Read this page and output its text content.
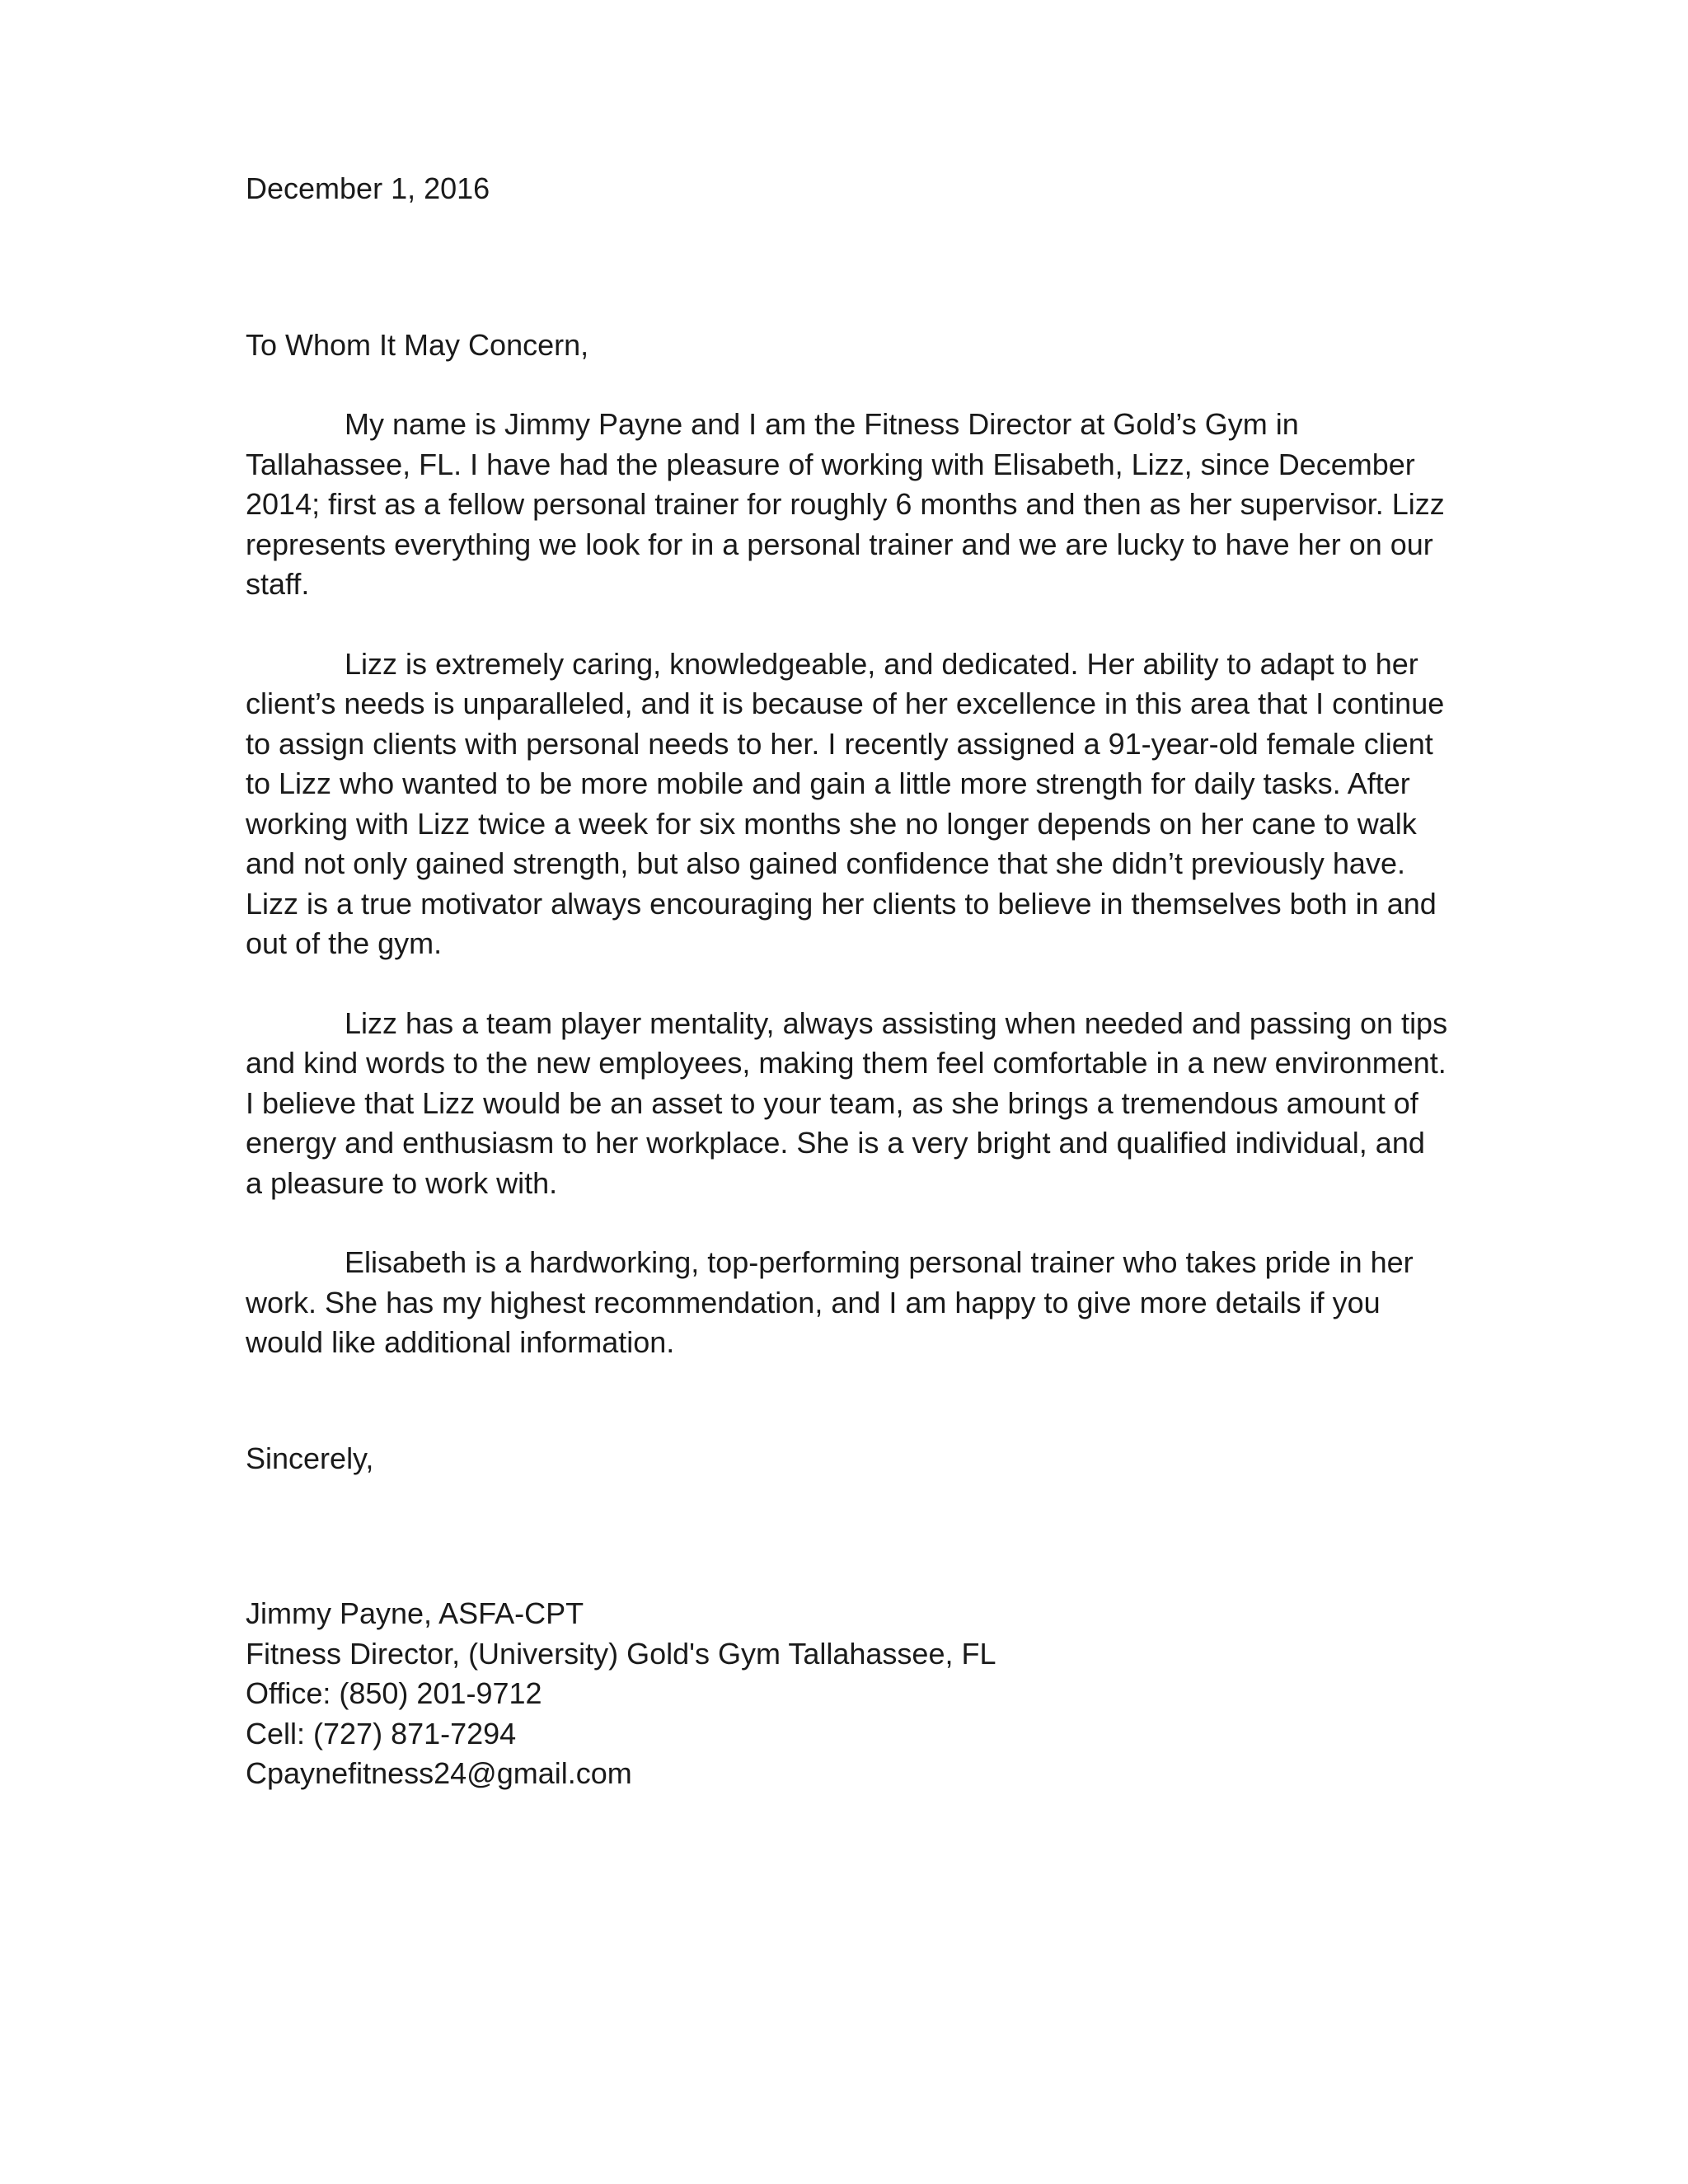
December 1, 2016

To Whom It May Concern,

My name is Jimmy Payne and I am the Fitness Director at Gold’s Gym in Tallahassee, FL. I have had the pleasure of working with Elisabeth, Lizz, since December 2014; first as a fellow personal trainer for roughly 6 months and then as her supervisor. Lizz represents everything we look for in a personal trainer and we are lucky to have her on our staff.

Lizz is extremely caring, knowledgeable, and dedicated. Her ability to adapt to her client’s needs is unparalleled, and it is because of her excellence in this area that I continue to assign clients with personal needs to her. I recently assigned a 91-year-old female client to Lizz who wanted to be more mobile and gain a little more strength for daily tasks. After working with Lizz twice a week for six months she no longer depends on her cane to walk and not only gained strength, but also gained confidence that she didn’t previously have. Lizz is a true motivator always encouraging her clients to believe in themselves both in and out of the gym.

Lizz has a team player mentality, always assisting when needed and passing on tips and kind words to the new employees, making them feel comfortable in a new environment. I believe that Lizz would be an asset to your team, as she brings a tremendous amount of energy and enthusiasm to her workplace. She is a very bright and qualified individual, and a pleasure to work with.

Elisabeth is a hardworking, top-performing personal trainer who takes pride in her work. She has my highest recommendation, and I am happy to give more details if you would like additional information.

Sincerely,

Jimmy Payne, ASFA-CPT
Fitness Director, (University) Gold's Gym Tallahassee, FL
Office: (850) 201-9712
Cell: (727) 871-7294
Cpaynefitness24@gmail.com
